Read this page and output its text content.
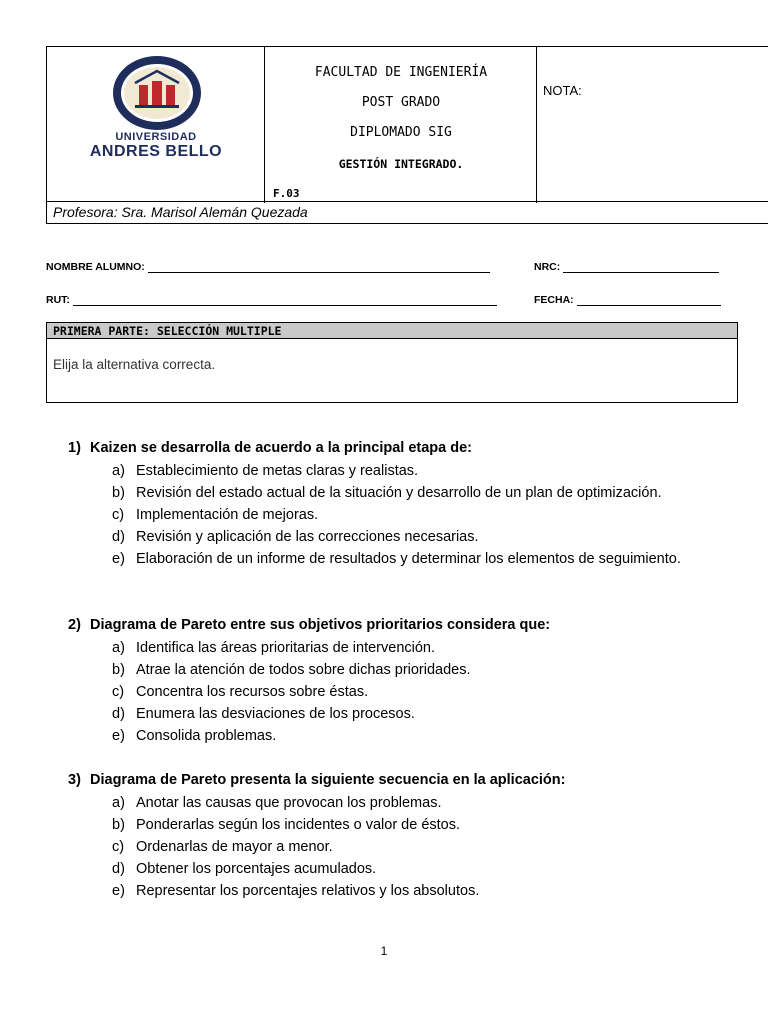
UNIVERSIDAD
ANDRES BELLO
FACULTAD DE INGENIERÍA
POST GRADO
DIPLOMADO SIG
GESTIÓN INTEGRADO.
F.03
NOTA:
Profesora: Sra. Marisol Alemán Quezada
NOMBRE ALUMNO:	NRC:
RUT:	FECHA:
PRIMERA PARTE: SELECCIÓN MULTIPLE
Elija la alternativa correcta.
1) Kaizen se desarrolla de acuerdo a la principal etapa de:
a) Establecimiento de metas claras y realistas.
b) Revisión del estado actual de la situación y desarrollo de un plan de optimización.
c) Implementación de mejoras.
d) Revisión y aplicación de las correcciones necesarias.
e) Elaboración de un informe de resultados y determinar los elementos de seguimiento.
2) Diagrama de Pareto entre sus objetivos prioritarios considera que:
a) Identifica las áreas prioritarias de intervención.
b) Atrae la atención de todos sobre dichas prioridades.
c) Concentra los recursos sobre éstas.
d) Enumera las desviaciones de los procesos.
e) Consolida problemas.
3) Diagrama de Pareto presenta la siguiente secuencia en la aplicación:
a) Anotar las causas que provocan los problemas.
b) Ponderarlas según los incidentes o valor de éstos.
c) Ordenarlas de mayor a menor.
d) Obtener los porcentajes acumulados.
e) Representar los porcentajes relativos y los absolutos.
1
